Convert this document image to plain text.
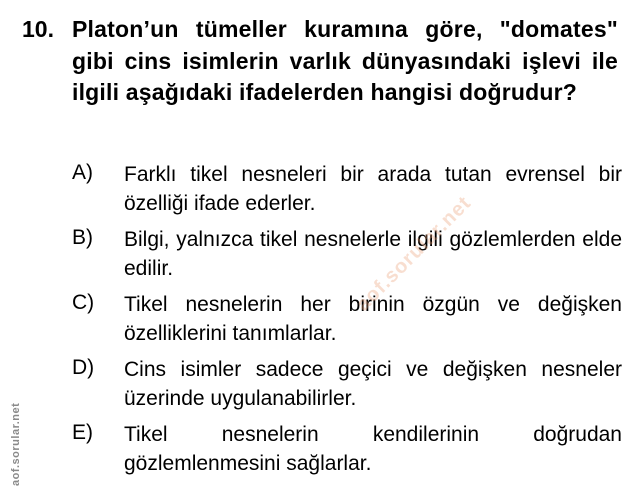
10. Platon’un tümeller kuramına göre, "domates" gibi cins isimlerin varlık dünyasındaki işlevi ile ilgili aşağıdaki ifadelerden hangisi doğrudur?
A) Farklı tikel nesneleri bir arada tutan evrensel bir özelliği ifade ederler.
B) Bilgi, yalnızca tikel nesnelerle ilgili gözlemlerden elde edilir.
C) Tikel nesnelerin her birinin özgün ve değişken özelliklerini tanımlarlar.
D) Cins isimler sadece geçici ve değişken nesneler üzerinde uygulanabilirler.
E) Tikel nesnelerin kendilerinin doğrudan gözlemlenmesini sağlarlar.
aof.sorular.net
aof.sorular.net
